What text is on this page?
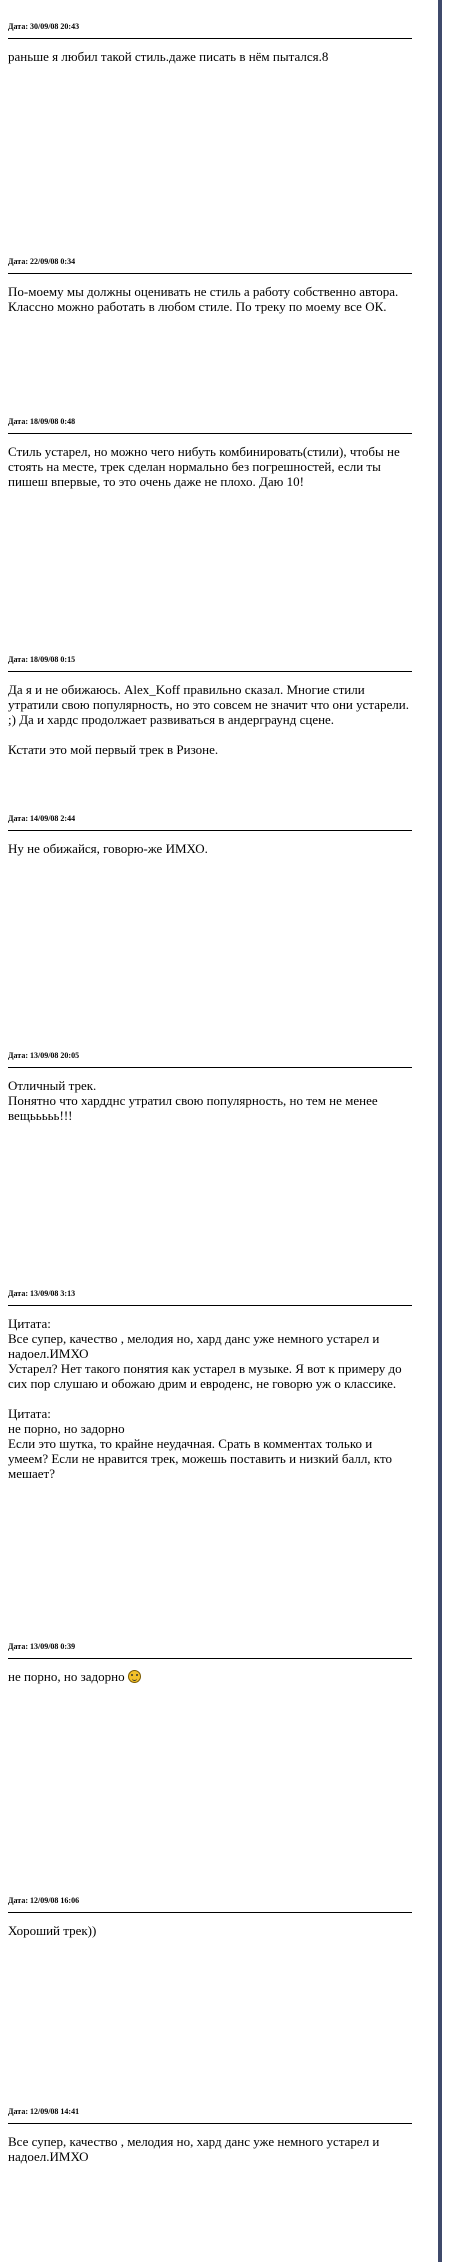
Дата: 30/09/08 20:43

раньше я любил такой стиль.даже писать в нём пытался.8

Дата: 22/09/08 0:34

По-моему мы должны оценивать не стиль а работу собственно автора. Классно можно работать в любом стиле. По треку по моему все ОК.

Дата: 18/09/08 0:48

Стиль устарел, но можно чего нибуть комбинировать(стили), чтобы не стоять на месте, трек сделан нормально без погрешностей, если ты пишеш впервые, то это очень даже не плохо. Даю 10!

Дата: 18/09/08 0:15

Да я и не обижаюсь. Alex_Koff правильно сказал. Многие стили утратили свою популярность, но это совсем не значит что они устарели. ;) Да и хардс продолжает развиваться в андерграунд сцене.

Кстати это мой первый трек в Ризоне.

Дата: 14/09/08 2:44

Ну не обижайся, говорю-же ИМХО.

Дата: 13/09/08 20:05

Отличный трек.

Понятно что хардднс утратил свою популярность, но тем не менее вещььььь!!!

Дата: 13/09/08 3:13

Цитата:

Все супер, качество , мелодия но, хард данс уже немного устарел и надоел.ИМХО

Устарел? Нет такого понятия как устарел в музыке. Я вот к примеру до сих пор слушаю и обожаю дрим и евроденс, не говорю уж о классике.

Цитата:

не порно, но задорно

Если это шутка, то крайне неудачная. Срать в комментах только и умеем? Если не нравится трек, можешь поставить и низкий балл, кто мешает?

Дата: 13/09/08 0:39

не порно, но задорно

Дата: 12/09/08 16:06

Хороший трек))

Дата: 12/09/08 14:41

Все супер, качество , мелодия но, хард данс уже немного устарел и надоел.ИМХО
